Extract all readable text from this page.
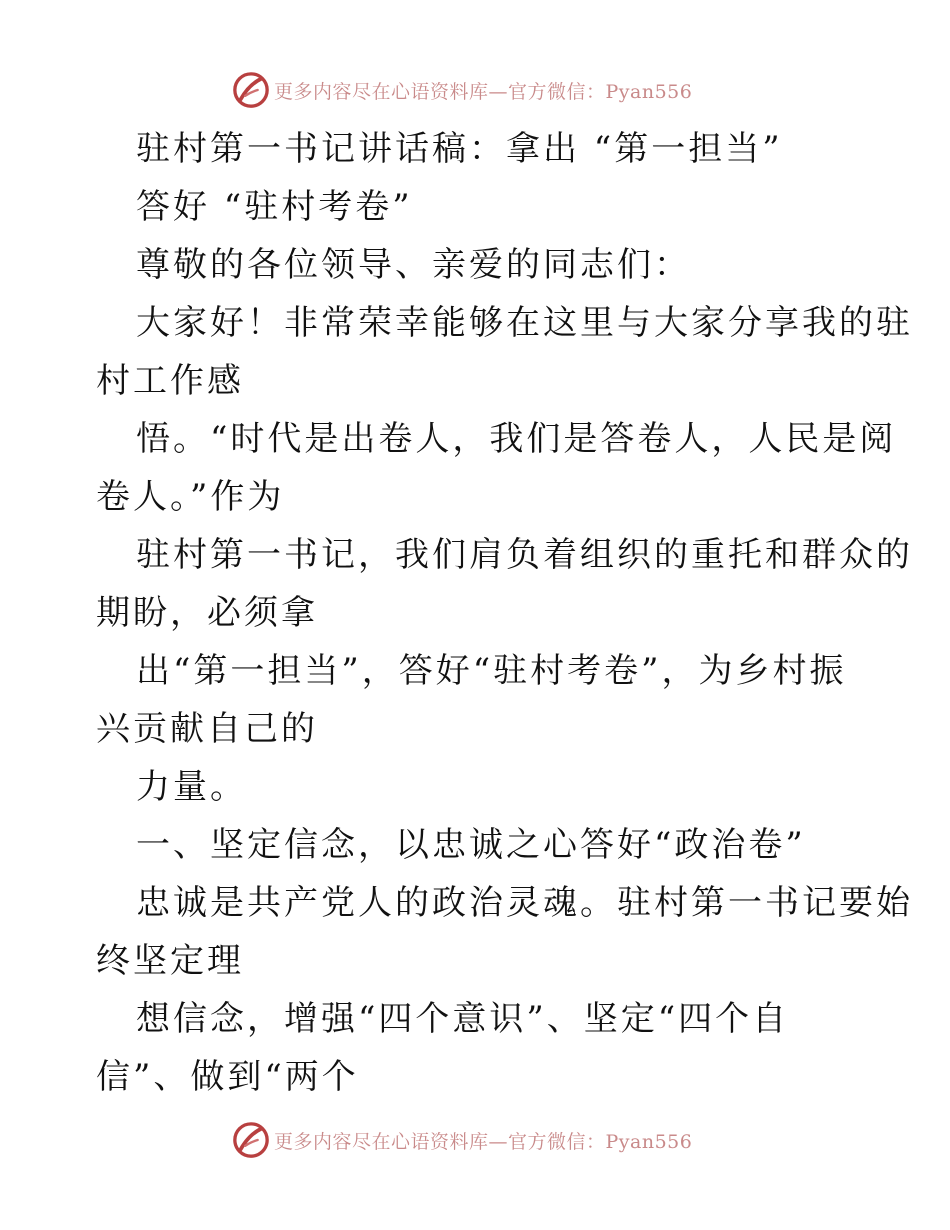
更多内容尽在心语资料库—官方微信：Pyan556
驻村第一书记讲话稿：拿出 “第一担当”
答好 “驻村考卷”
尊敬的各位领导、亲爱的同志们：
大家好！非常荣幸能够在这里与大家分享我的驻
村工作感
悟。“时代是出卷人，我们是答卷人，人民是阅
卷人。”作为
驻村第一书记，我们肩负着组织的重托和群众的
期盼，必须拿
出“第一担当”，答好“驻村考卷”，为乡村振
兴贡献自己的
力量。
一、坚定信念，以忠诚之心答好“政治卷”
忠诚是共产党人的政治灵魂。驻村第一书记要始
终坚定理
想信念，增强“四个意识”、坚定“四个自
信”、做到“两个
更多内容尽在心语资料库—官方微信：Pyan556
